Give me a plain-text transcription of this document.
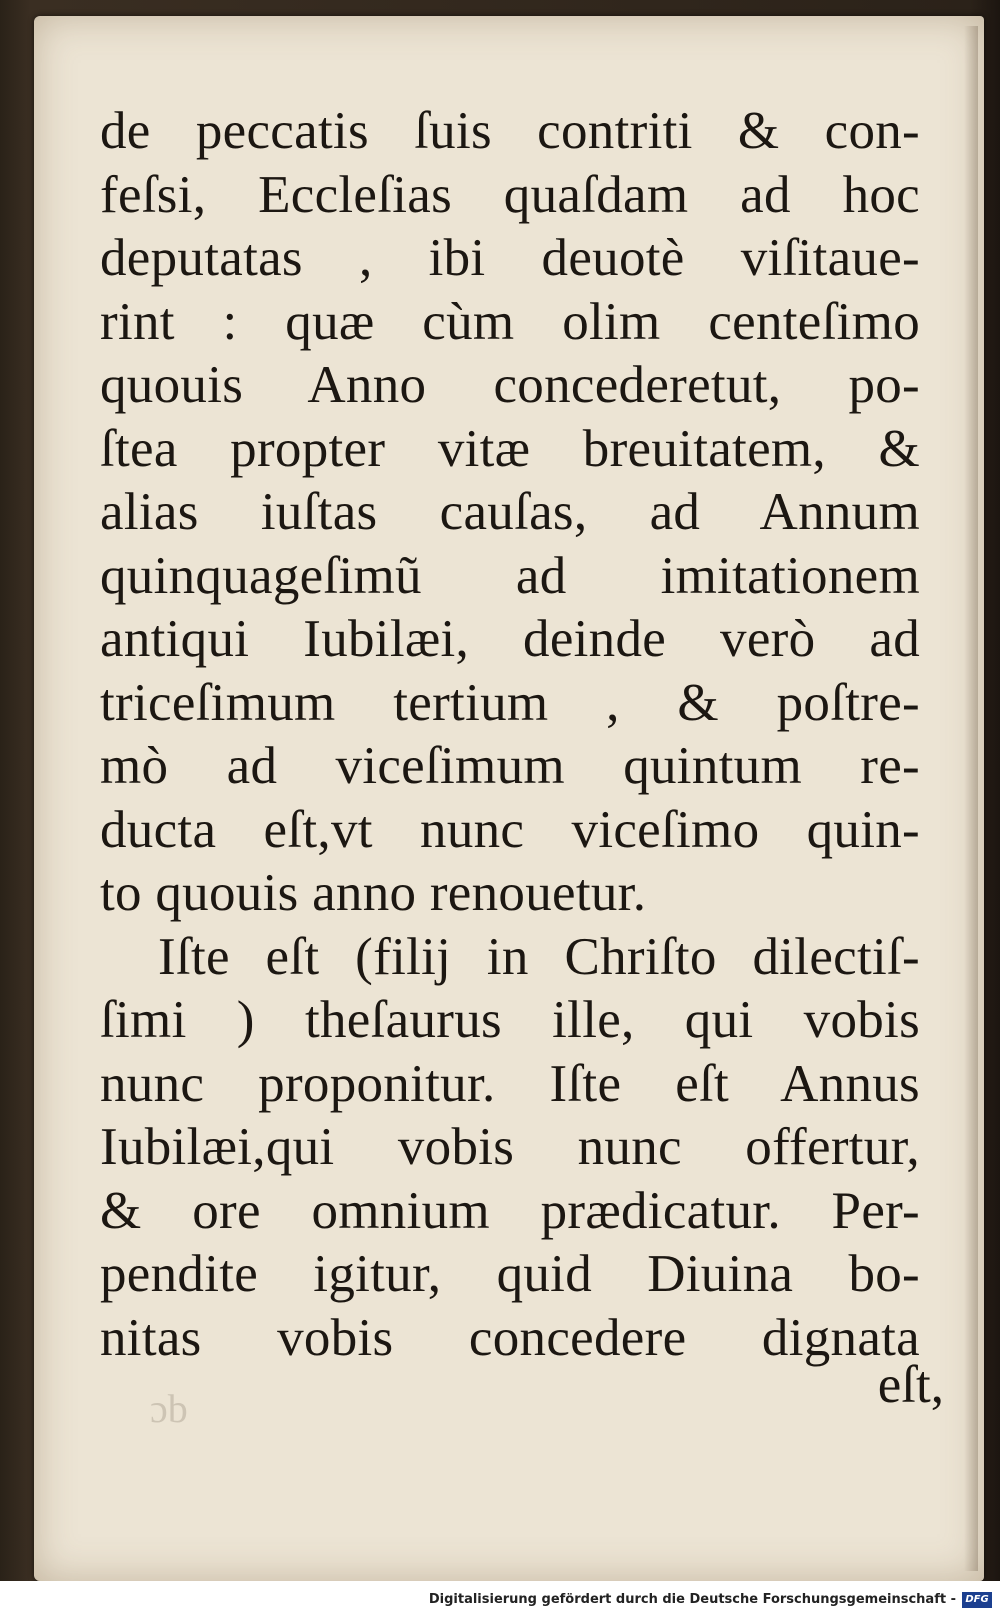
de peccatis ſuis contriti & con-
feſsi, Eccleſias quaſdam ad hoc
deputatas , ibi deuotè viſitaue-
rint : quæ cùm olim centeſimo
quouis Anno concederetut, po-
ſtea propter vitæ breuitatem, &
alias iuſtas cauſas, ad Annum
quinquageſimũ ad imitationem
antiqui Iubilæi, deinde verò ad
triceſimum tertium , & poſtre-
mò ad viceſimum quintum re-
ducta eſt,vt nunc viceſimo quin-
to quouis anno renouetur.
Iſte eſt (filij in Chriſto dilectiſ-
ſimi ) theſaurus ille, qui vobis
nunc proponitur. Iſte eſt Annus
Iubilæi,qui vobis nunc offertur,
& ore omnium prædicatur. Per-
pendite igitur, quid Diuina bo-
nitas vobis concedere dignata
ɔb	eſt,
Digitalisierung gefördert durch die Deutsche Forschungsgemeinschaft - DFG
